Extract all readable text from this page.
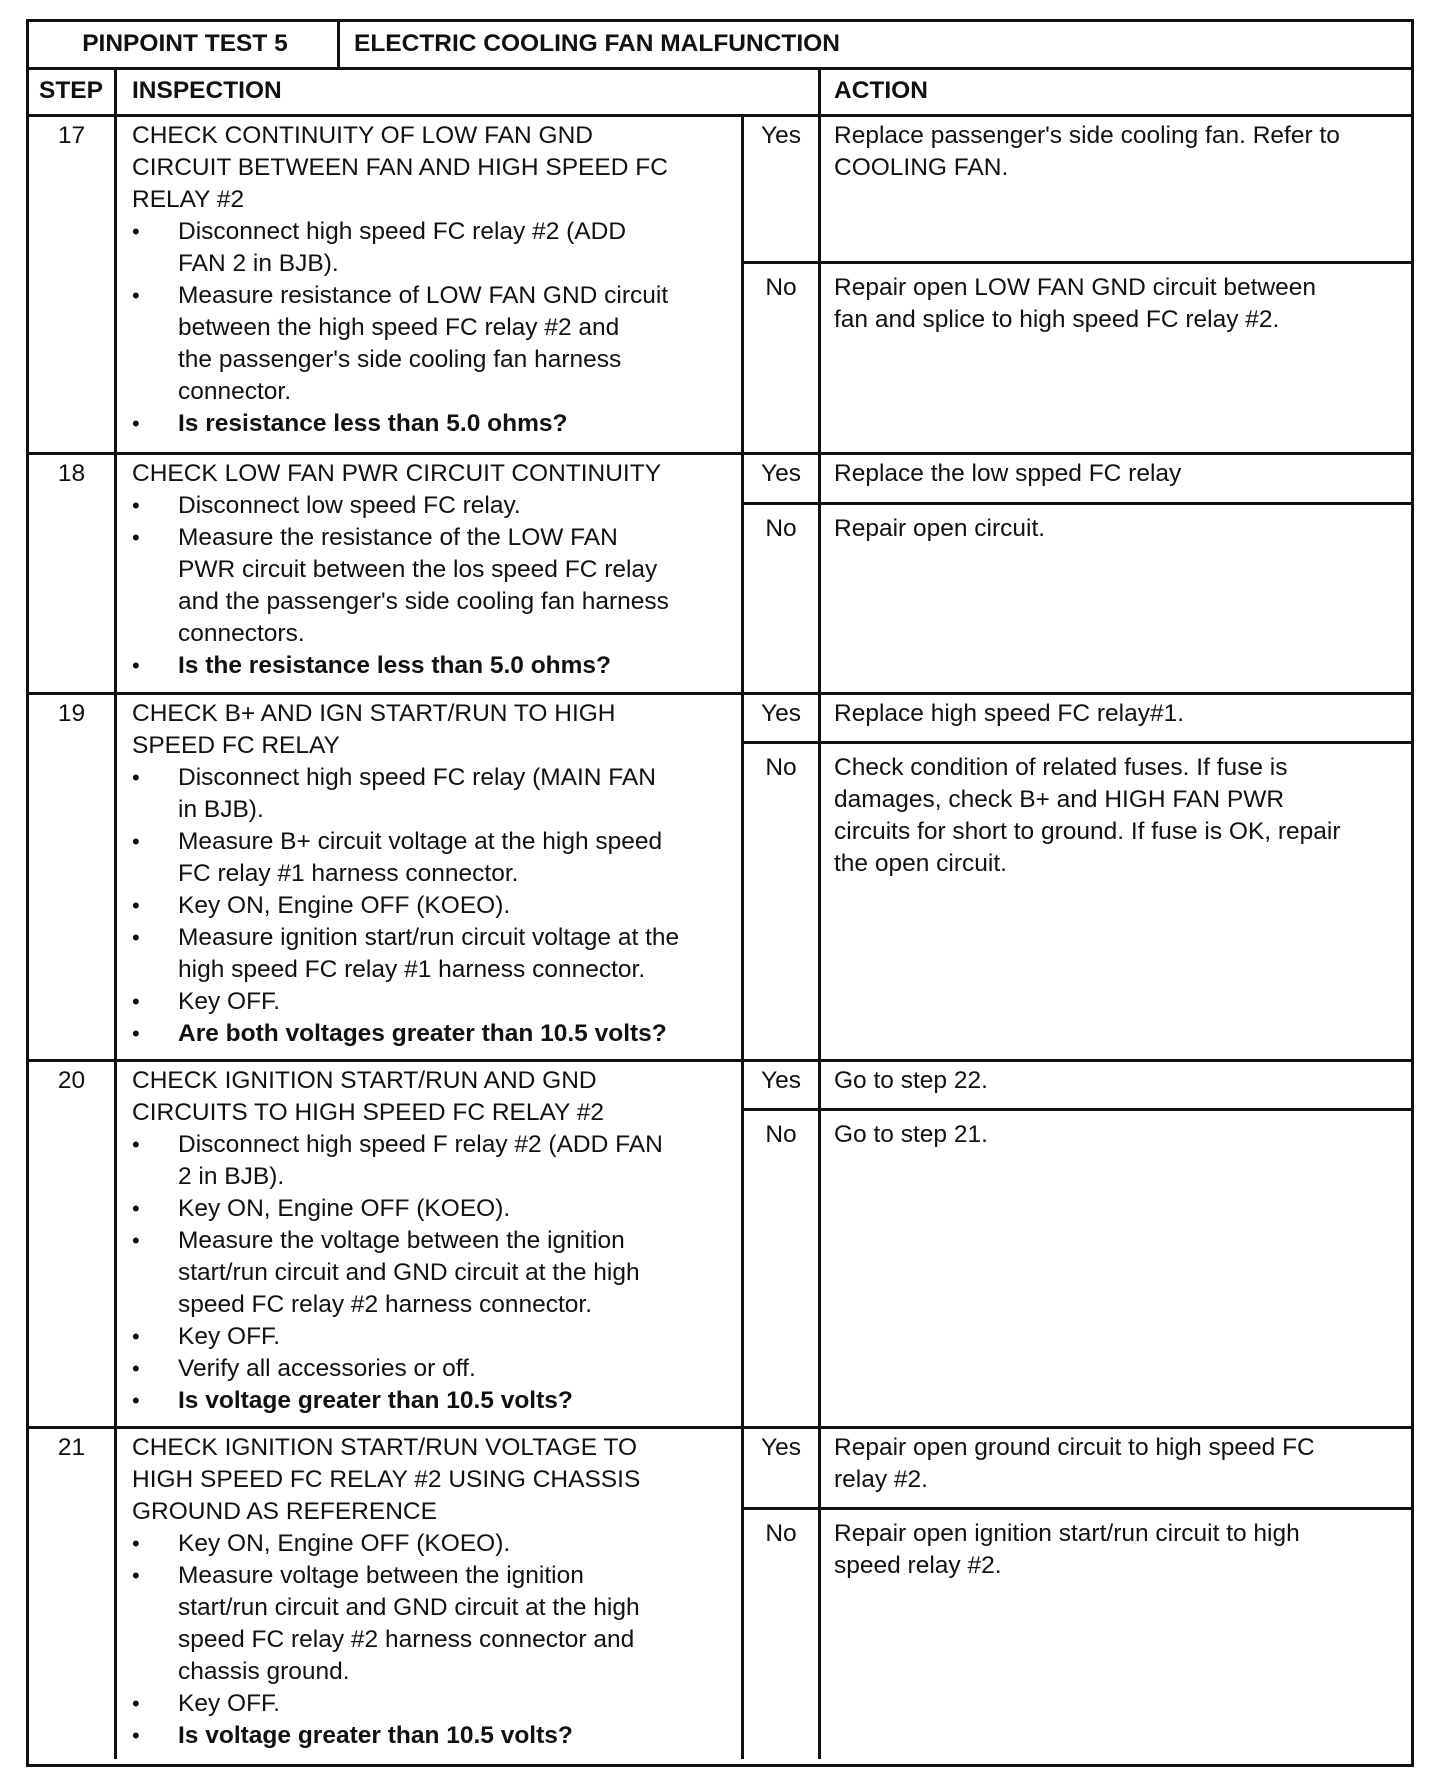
PINPOINT TEST 5	ELECTRIC COOLING FAN MALFUNCTION
STEP INSPECTION	ACTION
17	CHECK CONTINUITY OF LOW FAN GND
CIRCUIT BETWEEN FAN AND HIGH SPEED FC
RELAY #2
• Disconnect high speed FC relay #2 (ADD
FAN 2 in BJB).
• Measure resistance of LOW FAN GND circuit
between the high speed FC relay #2 and
the passenger's side cooling fan harness
connector.
• Is resistance less than 5.0 ohms?
Yes	Replace passenger's side cooling fan. Refer to
COOLING FAN.
No	Repair open LOW FAN GND circuit between
fan and splice to high speed FC relay #2.
18	CHECK LOW FAN PWR CIRCUIT CONTINUITY
• Disconnect low speed FC relay.
• Measure the resistance of the LOW FAN
PWR circuit between the los speed FC relay
and the passenger's side cooling fan harness
connectors.
• Is the resistance less than 5.0 ohms?
Yes	Replace the low spped FC relay
No	Repair open circuit.
19	CHECK B+ AND IGN START/RUN TO HIGH
SPEED FC RELAY
• Disconnect high speed FC relay (MAIN FAN
in BJB).
• Measure B+ circuit voltage at the high speed
FC relay #1 harness connector.
• Key ON, Engine OFF (KOEO).
• Measure ignition start/run circuit voltage at the
high speed FC relay #1 harness connector.
• Key OFF.
• Are both voltages greater than 10.5 volts?
Yes	Replace high speed FC relay#1.
No	Check condition of related fuses. If fuse is
damages, check B+ and HIGH FAN PWR
circuits for short to ground. If fuse is OK, repair
the open circuit.
20	CHECK IGNITION START/RUN AND GND
CIRCUITS TO HIGH SPEED FC RELAY #2
• Disconnect high speed F relay #2 (ADD FAN
2 in BJB).
• Key ON, Engine OFF (KOEO).
• Measure the voltage between the ignition
start/run circuit and GND circuit at the high
speed FC relay #2 harness connector.
• Key OFF.
• Verify all accessories or off.
• Is voltage greater than 10.5 volts?
Yes	Go to step 22.
No	Go to step 21.
21	CHECK IGNITION START/RUN VOLTAGE TO
HIGH SPEED FC RELAY #2 USING CHASSIS
GROUND AS REFERENCE
• Key ON, Engine OFF (KOEO).
• Measure voltage between the ignition
start/run circuit and GND circuit at the high
speed FC relay #2 harness connector and
chassis ground.
• Key OFF.
• Is voltage greater than 10.5 volts?
Yes	Repair open ground circuit to high speed FC
relay #2.
No	Repair open ignition start/run circuit to high
speed relay #2.
